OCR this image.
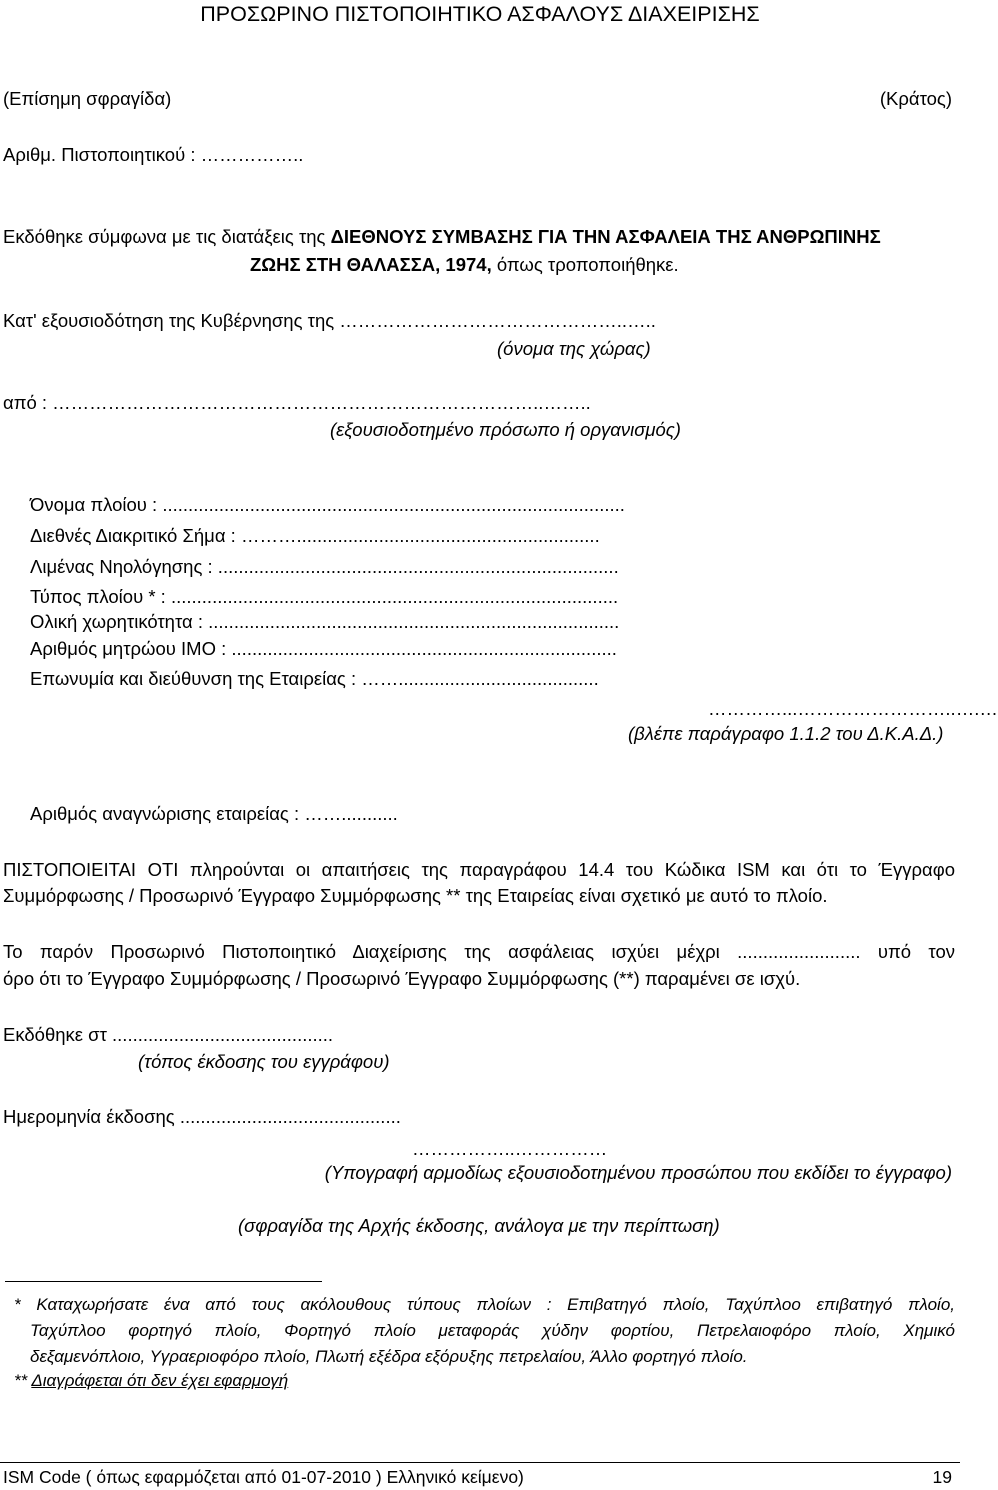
ΠΡΟΣΩΡΙΝΟ ΠΙΣΤΟΠΟΙΗΤΙΚΟ ΑΣΦΑΛΟΥΣ ΔΙΑΧΕΙΡΙΣΗΣ
(Επίσημη σφραγίδα)	(Κράτος)
Αριθμ. Πιστοποιητικού : ……………..
Εκδόθηκε σύμφωνα με τις διατάξεις της ΔΙΕΘΝΟΥΣ ΣΥΜΒΑΣΗΣ ΓΙΑ ΤΗΝ ΑΣΦΑΛΕΙΑ ΤΗΣ ΑΝΘΡΩΠΙΝΗΣ
ΖΩΗΣ ΣΤΗ ΘΑΛΑΣΣΑ, 1974, όπως τροποποιήθηκε.
Κατ' εξουσιοδότηση της Κυβέρνησης της ………………………………………..…..
(όνομα της χώρας)
από : ……………………………………………………………………..……..
(εξουσιοδοτημένο πρόσωπο ή οργανισμός)
Όνομα πλοίου : ..........................................................................................
Διεθνές Διακριτικό Σήμα : ………...........................................................
Λιμένας Νηολόγησης : ..............................................................................
Τύπος πλοίου * : .......................................................................................
Ολική χωρητικότητα : ................................................................................
Αριθμός μητρώου ΙΜΟ : ...........................................................................
Επωνυμία και διεύθυνση της Εταιρείας : …….......................................
…………...……………………..….…
(βλέπε παράγραφο 1.1.2 του Δ.Κ.Α.Δ.)
Αριθμός αναγνώρισης εταιρείας : ……...........
ΠΙΣΤΟΠΟΙΕΙΤΑΙ ΟΤΙ πληρούνται οι απαιτήσεις της παραγράφου 14.4 του Κώδικα ISM και ότι το Έγγραφο
Συμμόρφωσης / Προσωρινό Έγγραφο Συμμόρφωσης ** της Εταιρείας είναι σχετικό με αυτό το πλοίο.
Το παρόν Προσωρινό Πιστοποιητικό Διαχείρισης της ασφάλειας ισχύει μέχρι ........................ υπό τον
όρο ότι το Έγγραφο Συμμόρφωσης / Προσωρινό Έγγραφο Συμμόρφωσης (**) παραμένει σε ισχύ.
Εκδόθηκε στ ...........................................
(τόπος έκδοσης του εγγράφου)
Ημερομηνία έκδοσης ...........................................
……………..……………
(Υπογραφή αρμοδίως εξουσιοδοτημένου προσώπου που εκδίδει το έγγραφο)
(σφραγίδα της Αρχής έκδοσης, ανάλογα με την περίπτωση)
* Καταχωρήσατε ένα από τους ακόλουθους τύπους πλοίων : Επιβατηγό πλοίο, Ταχύπλοο επιβατηγό πλοίο,
Ταχύπλοο φορτηγό πλοίο, Φορτηγό πλοίο μεταφοράς χύδην φορτίου, Πετρελαιοφόρο πλοίο, Χημικό
δεξαμενόπλοιο, Υγραεριοφόρο πλοίο, Πλωτή εξέδρα εξόρυξης πετρελαίου, Άλλο φορτηγό πλοίο.
** Διαγράφεται ότι δεν έχει εφαρμογή
ISM Code ( όπως εφαρμόζεται από 01-07-2010 ) Ελληνικό κείμενο)	19
